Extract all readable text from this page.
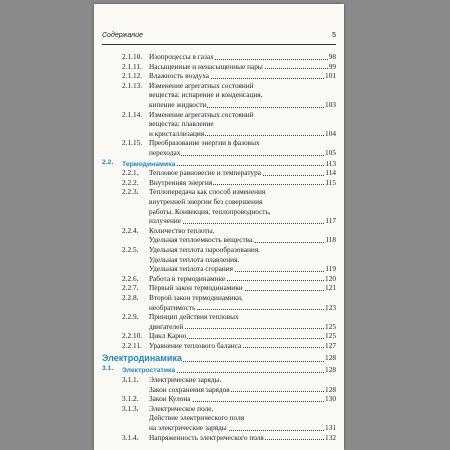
Содержание	5
2.1.10. Изопроцессы в газах	98
2.1.11. Насыщенные и ненасыщенные пары	99
2.1.12. Влажность воздуха	101
2.1.13. Изменение агрегатных состояний
вещества: испарение и конденсация,
кипение жидкости	103
2.1.14. Изменение агрегатных состояний
вещества: плавление
и кристаллизация	104
2.1.15. Преобразование энергии в фазовых
переходах	105
2.2. Термодинамика	113
2.2.1. Тепловое равновесие и температура	114
2.2.2. Внутренняя энергия	115
2.2.3. Теплопередача как способ изменения
внутренней энергии без совершения
работы. Конвекция, теплопроводность,
излучение	117
2.2.4. Количество теплоты.
Удельная теплоемкость вещества.	118
2.2.5. Удельная теплота парообразования.
Удельная теплота плавления.
Удельная теплота сгорания	119
2.2.6. Работа в термодинамике	120
2.2.7. Первый закон термодинамики	121
2.2.8. Второй закон термодинамики,
необратимость	123
2.2.9. Принцип действия тепловых
двигателей	125
2.2.10. Цикл Карно	125
2.2.11. Уравнение теплового баланса	127
Электродинамика	128
3.1. Электростатика	128
3.1.1. Электрические заряды.
Закон сохранения зарядов	128
3.1.2. Закон Кулона	130
3.1.3. Электрическое поле.
Действие электрического поля
на электрические заряды	131
3.1.4. Напряженность электрического поля	132
